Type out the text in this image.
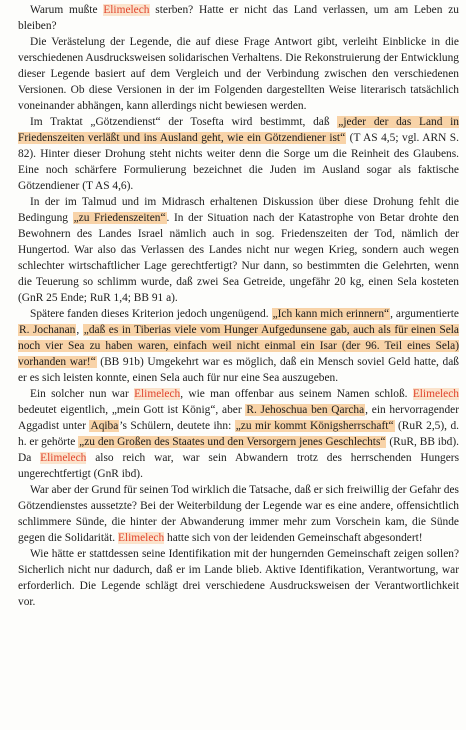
Warum mußte Elimelech sterben? Hatte er nicht das Land verlassen, um am Leben zu bleiben?

Die Verästelung der Legende, die auf diese Frage Antwort gibt, verleiht Einblicke in die verschiedenen Ausdrucksweisen solidarischen Verhaltens. Die Rekonstruierung der Entwicklung dieser Legende basiert auf dem Vergleich und der Verbindung zwischen den verschiedenen Versionen. Ob diese Versionen in der im Folgenden dargestellten Weise literarisch tatsächlich voneinander abhängen, kann allerdings nicht bewiesen werden.

Im Traktat „Götzendienst“ der Tosefta wird bestimmt, daß „jeder der das Land in Friedenszeiten verläßt und ins Ausland geht, wie ein Götzendiener ist“ (T AS 4,5; vgl. ARN S. 82). Hinter dieser Drohung steht nichts weiter denn die Sorge um die Reinheit des Glaubens. Eine noch schärfere Formulierung bezeichnet die Juden im Ausland sogar als faktische Götzendiener (T AS 4,6).

In der im Talmud und im Midrasch erhaltenen Diskussion über diese Drohung fehlt die Bedingung „zu Friedenszeiten“. In der Situation nach der Katastrophe von Betar drohte den Bewohnern des Landes Israel nämlich auch in sog. Friedenszeiten der Tod, nämlich der Hungertod. War also das Verlassen des Landes nicht nur wegen Krieg, sondern auch wegen schlechter wirtschaftlicher Lage gerechtfertigt? Nur dann, so bestimmten die Gelehrten, wenn die Teuerung so schlimm wurde, daß zwei Sea Getreide, ungefähr 20 kg, einen Sela kosteten (GnR 25 Ende; RuR 1,4; BB 91 a).

Spätere fanden dieses Kriterion jedoch ungenügend. „Ich kann mich erinnern“, argumentierte R. Jochanan, „daß es in Tiberias viele vom Hunger Aufgedunsene gab, auch als für einen Sela noch vier Sea zu haben waren, einfach weil nicht einmal ein Isar (der 96. Teil eines Sela) vorhanden war!“ (BB 91b) Umgekehrt war es möglich, daß ein Mensch soviel Geld hatte, daß er es sich leisten konnte, einen Sela auch für nur eine Sea auszugeben.

Ein solcher nun war Elimelech, wie man offenbar aus seinem Namen schloß. Elimelech bedeutet eigentlich, „mein Gott ist König“, aber R. Jehoschua ben Qarcha, ein hervorragender Aggadist unter Aqiba’s Schülern, deutete ihn: „zu mir kommt Königsherrschaft“ (RuR 2,5), d. h. er gehörte „zu den Großen des Staates und den Versorgern jenes Geschlechts“ (RuR, BB ibd). Da Elimelech also reich war, war sein Abwandern trotz des herrschenden Hungers ungerechtfertigt (GnR ibd).

War aber der Grund für seinen Tod wirklich die Tatsache, daß er sich freiwillig der Gefahr des Götzendienstes aussetzte? Bei der Weiterbildung der Legende war es eine andere, offensichtlich schlimmere Sünde, die hinter der Abwanderung immer mehr zum Vorschein kam, die Sünde gegen die Solidarität. Elimelech hatte sich von der leidenden Gemeinschaft abgesondert!

Wie hätte er stattdessen seine Identifikation mit der hungernden Gemeinschaft zeigen sollen? Sicherlich nicht nur dadurch, daß er im Lande blieb. Aktive Identifikation, Verantwortung, war erforderlich. Die Legende schlägt drei verschiedene Ausdrucksweisen der Verantwortlichkeit vor.
